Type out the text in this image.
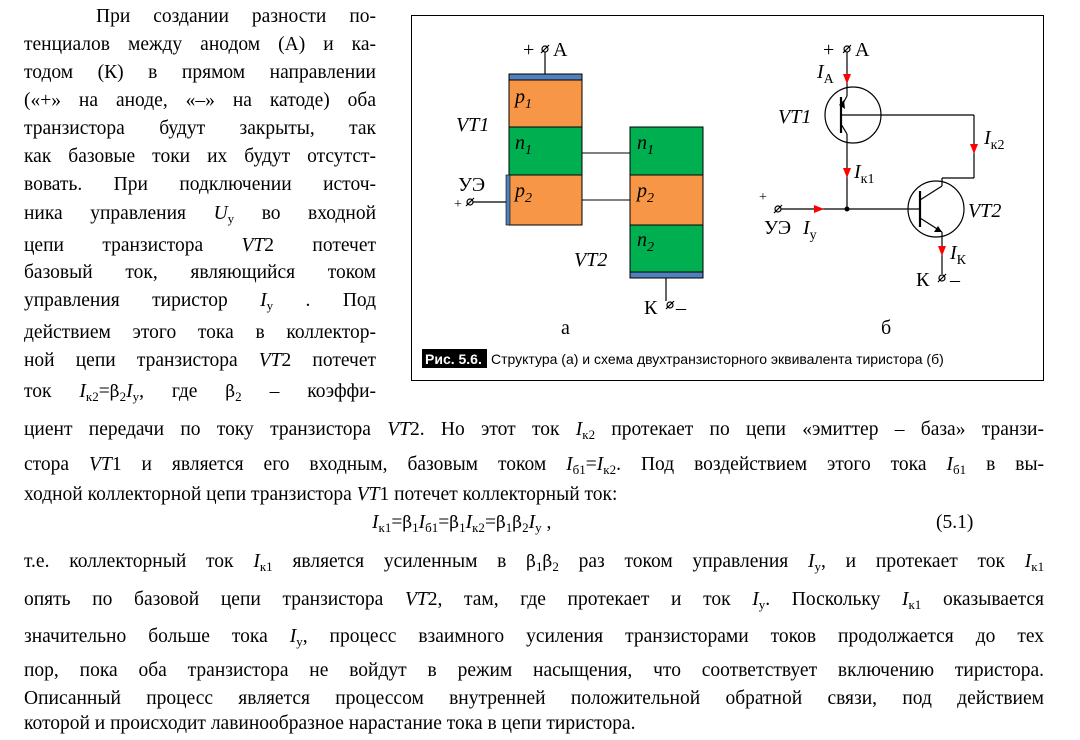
При создании разности по-
тенциалов между анодом (А) и ка-
тодом (К) в прямом направлении
(«+» на аноде, «–» на катоде) оба
транзистора будут закрыты, так
как базовые токи их будут отсутст-
вовать. При подключении источ-
ника управления $U_у$ во входной
цепи транзистора VT2 потечет
базовый ток, являющийся током
управления тиристор $I_у$ . Под
действием этого тока в коллектор-
ной цепи транзистора VT2 потечет
ток $I_{к2}=\beta_2I_у$, где $\beta_2$ – коэффи-
+ А
$p_1$
$n_1$
$p_2$
$n_1$
$p_2$
$n_2$
VT1
VT2
УЭ
+
К –
а
+ А
$I_А$
VT1
$I_{к1}$
$I_{к2}$
+
УЭ $I_у$
VT2
$I_К$
К –
б
Рис. 5.6. Структура (а) и схема двухтранзисторного эквивалента тиристора (б)
циент передачи по току транзистора VT2. Но этот ток $I_{к2}$ протекает по цепи «эмиттер – база» транзи-
стора VT1 и является его входным, базовым током $I_{б1}=I_{к2}$. Под воздействием этого тока $I_{б1}$ в вы-
ходной коллекторной цепи транзистора VT1 потечет коллекторный ток:
$I_{к1}=\beta_1I_{б1}=\beta_1I_{к2}=\beta_1\beta_2I_у$ ,	(5.1)
т.е. коллекторный ток $I_{к1}$ является усиленным в $\beta_1\beta_2$ раз током управления $I_у$, и протекает ток $I_{к1}$
опять по базовой цепи транзистора VT2, там, где протекает и ток $I_у$. Поскольку $I_{к1}$ оказывается
значительно больше тока $I_у$, процесс взаимного усиления транзисторами токов продолжается до тех
пор, пока оба транзистора не войдут в режим насыщения, что соответствует включению тиристора.
Описанный процесс является процессом внутренней положительной обратной связи, под действием
которой и происходит лавинообразное нарастание тока в цепи тиристора.
